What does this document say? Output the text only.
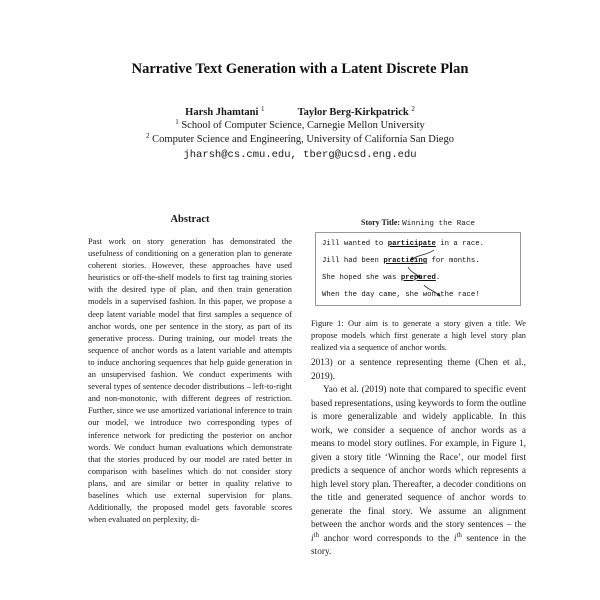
Narrative Text Generation with a Latent Discrete Plan
Harsh Jhamtani $^1$	Taylor Berg-Kirkpatrick $^2$
$^1$ School of Computer Science, Carnegie Mellon University
$^2$ Computer Science and Engineering, University of California San Diego
jharsh@cs.cmu.edu, tberg@ucsd.eng.edu
Abstract
Past work on story generation has demonstrated the usefulness of conditioning on a generation plan to generate coherent stories. However, these approaches have used heuristics or off-the-shelf models to first tag training stories with the desired type of plan, and then train generation models in a supervised fashion. In this paper, we propose a deep latent variable model that first samples a sequence of anchor words, one per sentence in the story, as part of its generative process. During training, our model treats the sequence of anchor words as a latent variable and attempts to induce anchoring sequences that help guide generation in an unsupervised fashion. We conduct experiments with several types of sentence decoder distributions – left-to-right and non-monotonic, with different degrees of restriction. Further, since we use amortized variational inference to train our model, we introduce two corresponding types of inference network for predicting the posterior on anchor words. We conduct human evaluations which demonstrate that the stories produced by our model are rated better in comparison with baselines which do not consider story plans, and are similar or better in quality relative to baselines which use external supervision for plans. Additionally, the proposed model gets favorable scores when evaluated on perplexity, di-
Story Title: Winning the Race
Jill wanted to participate in a race.
Jill had been practicing for months.
She hoped she was prepared.
When the day came, she won the race!
Figure 1: Our aim is to generate a story given a title. We propose models which first generate a high level story plan realized via a sequence of anchor words.

2013) or a sentence representing theme (Chen et al., 2019).

Yao et al. (2019) note that compared to specific event based representations, using keywords to form the outline is more generalizable and widely applicable. In this work, we consider a sequence of anchor words as a means to model story outlines. For example, in Figure 1, given a story title ‘Winning the Race’, our model first predicts a sequence of anchor words which represents a high level story plan. Thereafter, a decoder conditions on the title and generated sequence of anchor words to generate the final story. We assume an alignment between the anchor words and the story sentences – the $i^{th}$ anchor word corresponds to the $i^{th}$ sentence in the story.
